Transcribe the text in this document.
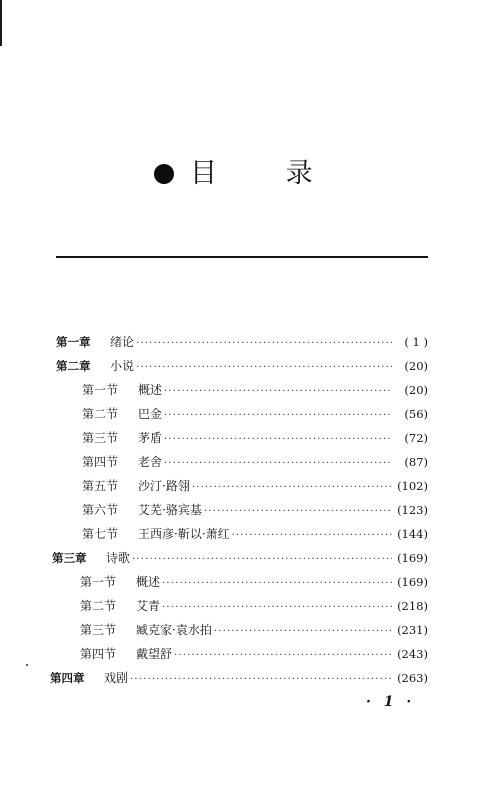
目 录
第一章	绪论 ·····	( 1 )
第二章	小说 ·····	(20)
第一节	概述 ·····	(20)
第二节	巴金 ·····	(56)
第三节	茅盾 ·····	(72)
第四节	老舍 ·····	(87)
第五节	沙汀·路翎 ·····	(102)
第六节	艾芜·骆宾基 ·····	(123)
第七节	王西彦·靳以·萧红 ·····	(144)
第三章	诗歌 ·····	(169)
第一节	概述 ·····	(169)
第二节	艾青 ·····	(218)
第三节	臧克家·袁水拍 ·····	(231)
第四节	戴望舒 ·····	(243)
第四章	戏剧 ·····	(263)
· 1 ·
